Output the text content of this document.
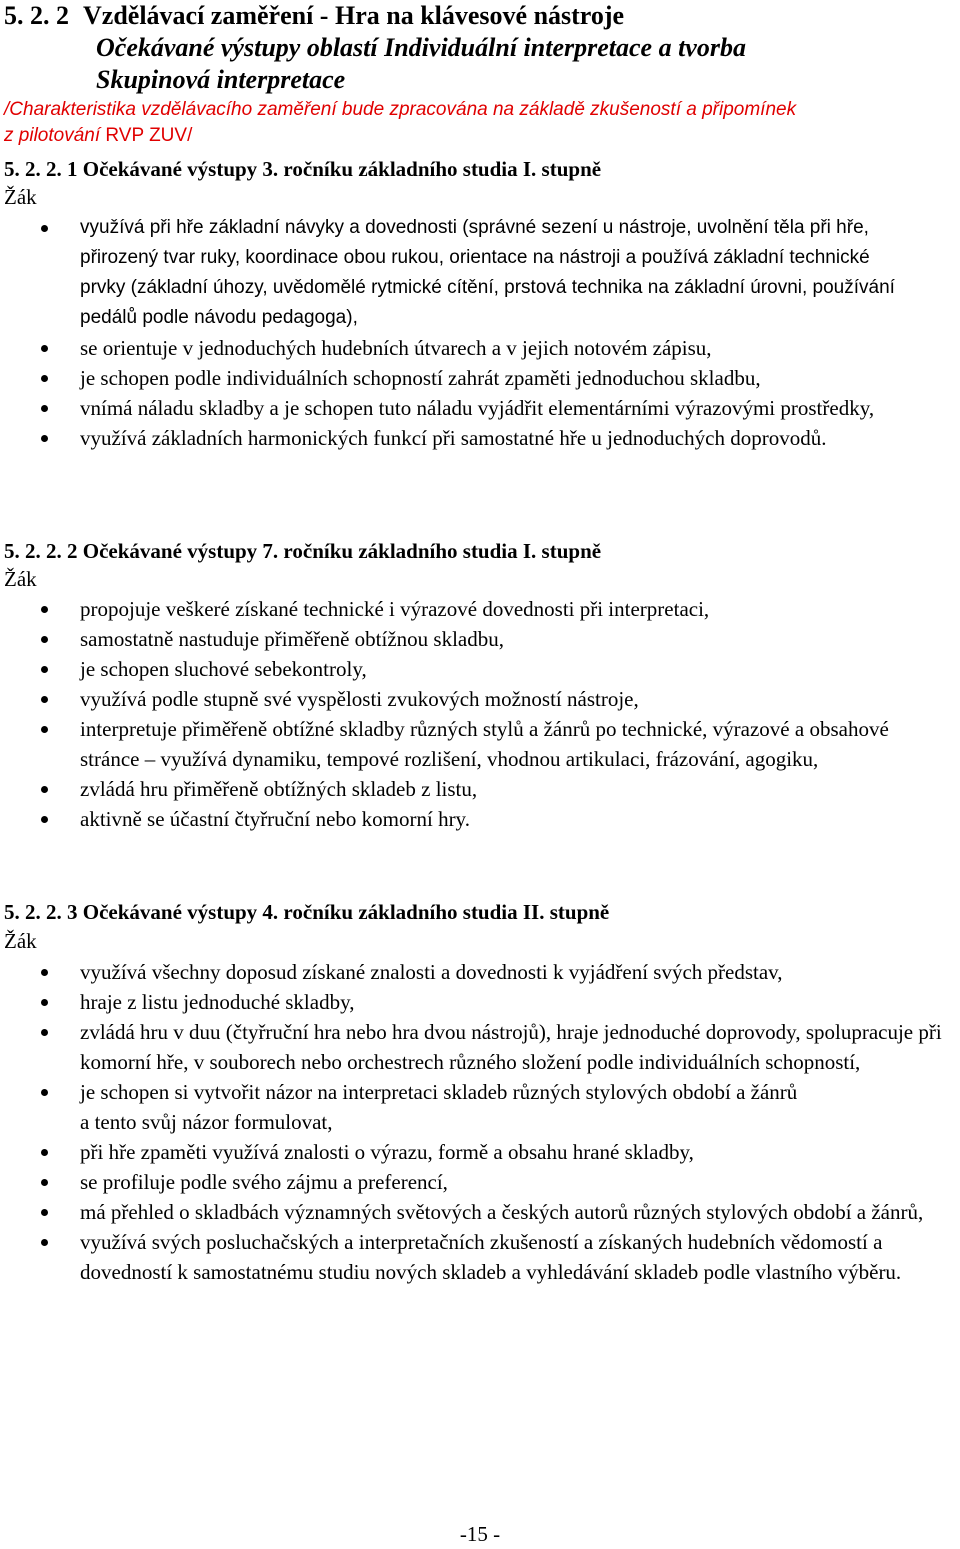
5. 2. 2 Vzdělávací zaměření - Hra na klávesové nástroje
Očekávané výstupy oblastí Individuální interpretace a tvorba
Skupinová interpretace
/Charakteristika vzdělávacího zaměření bude zpracována na základě zkušeností a připomínek
z pilotování RVP ZUV/
5. 2. 2. 1 Očekávané výstupy 3. ročníku základního studia I. stupně
Žák
využívá při hře základní návyky a dovednosti (správné sezení u nástroje, uvolnění těla při hře, přirozený tvar ruky, koordinace obou rukou, orientace na nástroji a používá základní technické prvky (základní úhozy, uvědomělé rytmické cítění, prstová technika na základní úrovni, používání pedálů podle návodu pedagoga),
se orientuje v jednoduchých hudebních útvarech a v jejich notovém zápisu,
je schopen podle individuálních schopností zahrát zpaměti jednoduchou skladbu,
vnímá náladu skladby a je schopen tuto náladu vyjádřit elementárními výrazovými prostředky,
využívá základních harmonických funkcí při samostatné hře u jednoduchých doprovodů.
5. 2. 2. 2 Očekávané výstupy 7. ročníku základního studia I. stupně
Žák
propojuje veškeré získané technické i výrazové dovednosti při interpretaci,
samostatně nastuduje přiměřeně obtížnou skladbu,
je schopen sluchové sebekontroly,
využívá podle stupně své vyspělosti zvukových možností nástroje,
interpretuje přiměřeně obtížné skladby různých stylů a žánrů po technické, výrazové a obsahové stránce – využívá dynamiku, tempové rozlišení, vhodnou artikulaci, frázování, agogiku,
zvládá hru přiměřeně obtížných skladeb z listu,
aktivně se účastní čtyřruční nebo komorní hry.
5. 2. 2. 3 Očekávané výstupy 4. ročníku základního studia II. stupně
Žák
využívá všechny doposud získané znalosti a dovednosti k vyjádření svých představ,
hraje z listu jednoduché skladby,
zvládá hru v duu (čtyřruční hra nebo hra dvou nástrojů), hraje jednoduché doprovody, spolupracuje při komorní hře, v souborech nebo orchestrech různého složení podle individuálních schopností,
je schopen si vytvořit názor na interpretaci skladeb různých stylových období a žánrů a tento svůj názor formulovat,
při hře zpaměti využívá znalosti o výrazu, formě a obsahu hrané skladby,
se profiluje podle svého zájmu a preferencí,
má přehled o skladbách významných světových a českých autorů různých stylových období a žánrů,
využívá svých posluchačských a interpretačních zkušeností a získaných hudebních vědomostí a dovedností k samostatnému studiu nových skladeb a vyhledávání skladeb podle vlastního výběru.
-15 -
